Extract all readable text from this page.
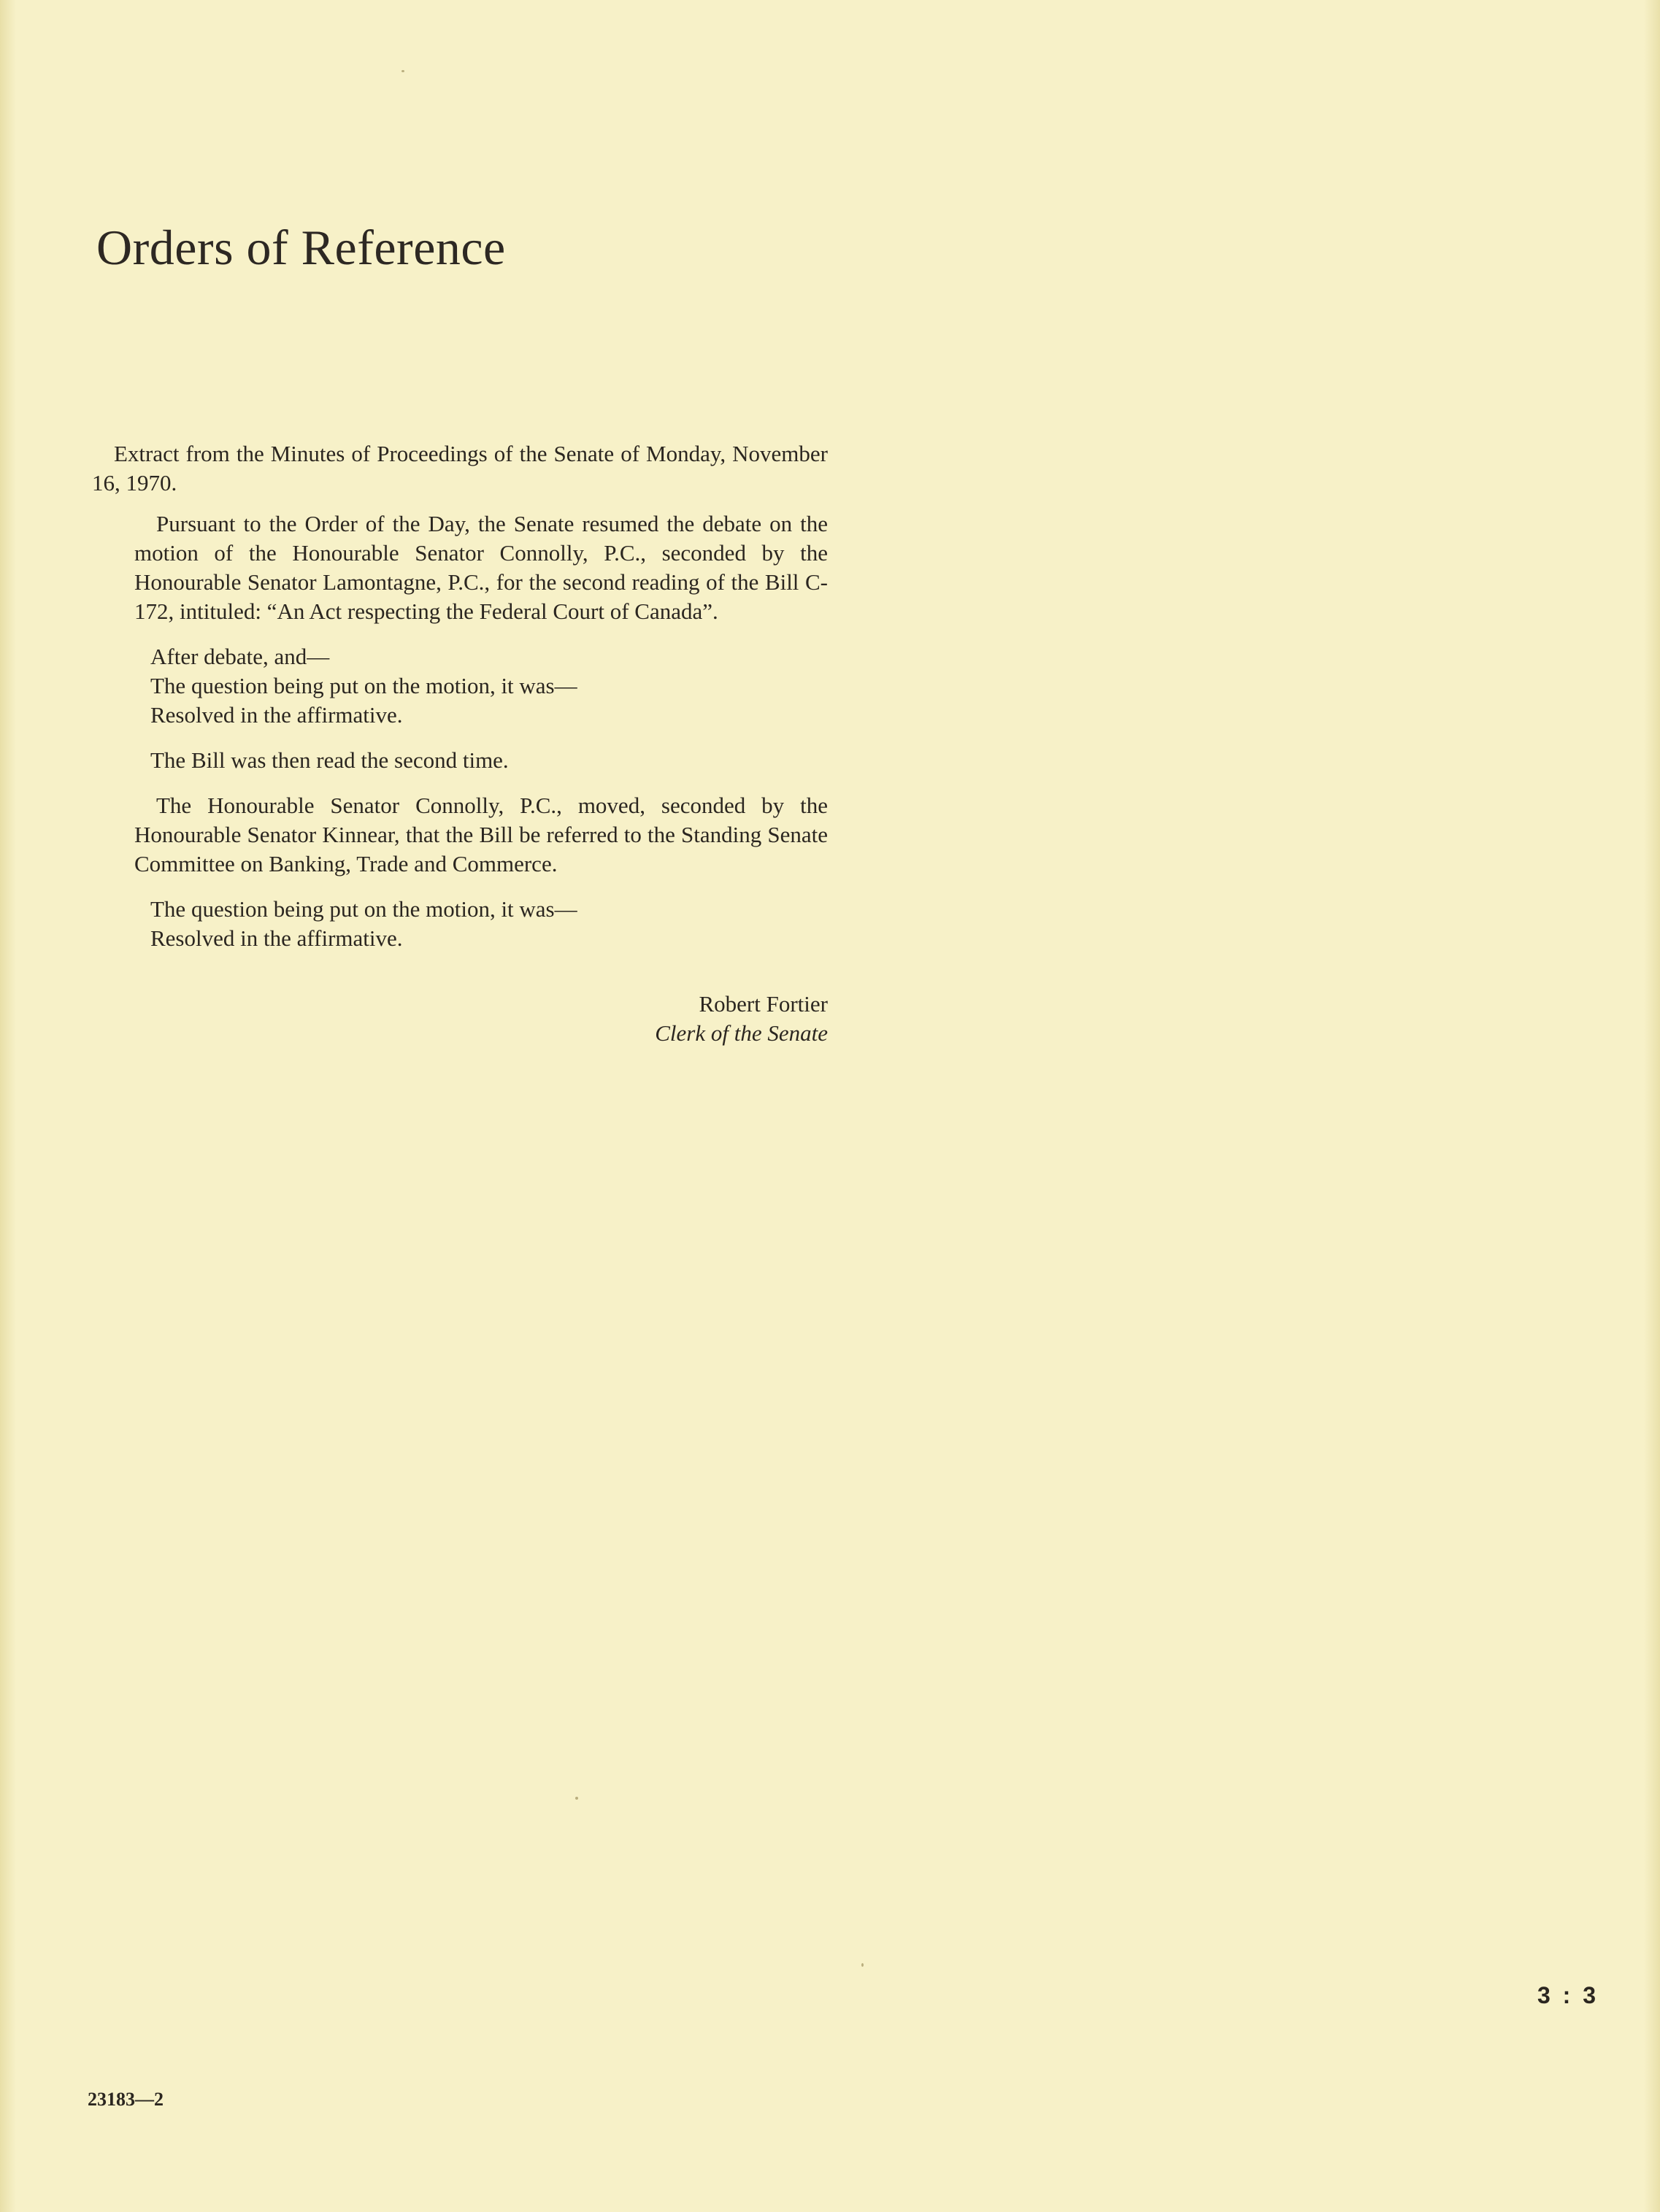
Orders of Reference

Extract from the Minutes of Proceedings of the Senate of Monday, November 16, 1970.

Pursuant to the Order of the Day, the Senate resumed the debate on the motion of the Honourable Senator Connolly, P.C., seconded by the Honourable Senator Lamontagne, P.C., for the second reading of the Bill C-172, intituled: “An Act respecting the Federal Court of Canada”.

After debate, and—

The question being put on the motion, it was—

Resolved in the affirmative.

The Bill was then read the second time.

The Honourable Senator Connolly, P.C., moved, seconded by the Honourable Senator Kinnear, that the Bill be referred to the Standing Senate Committee on Banking, Trade and Commerce.

The question being put on the motion, it was—

Resolved in the affirmative.

Robert Fortier
Clerk of the Senate
3 : 3
23183—2
